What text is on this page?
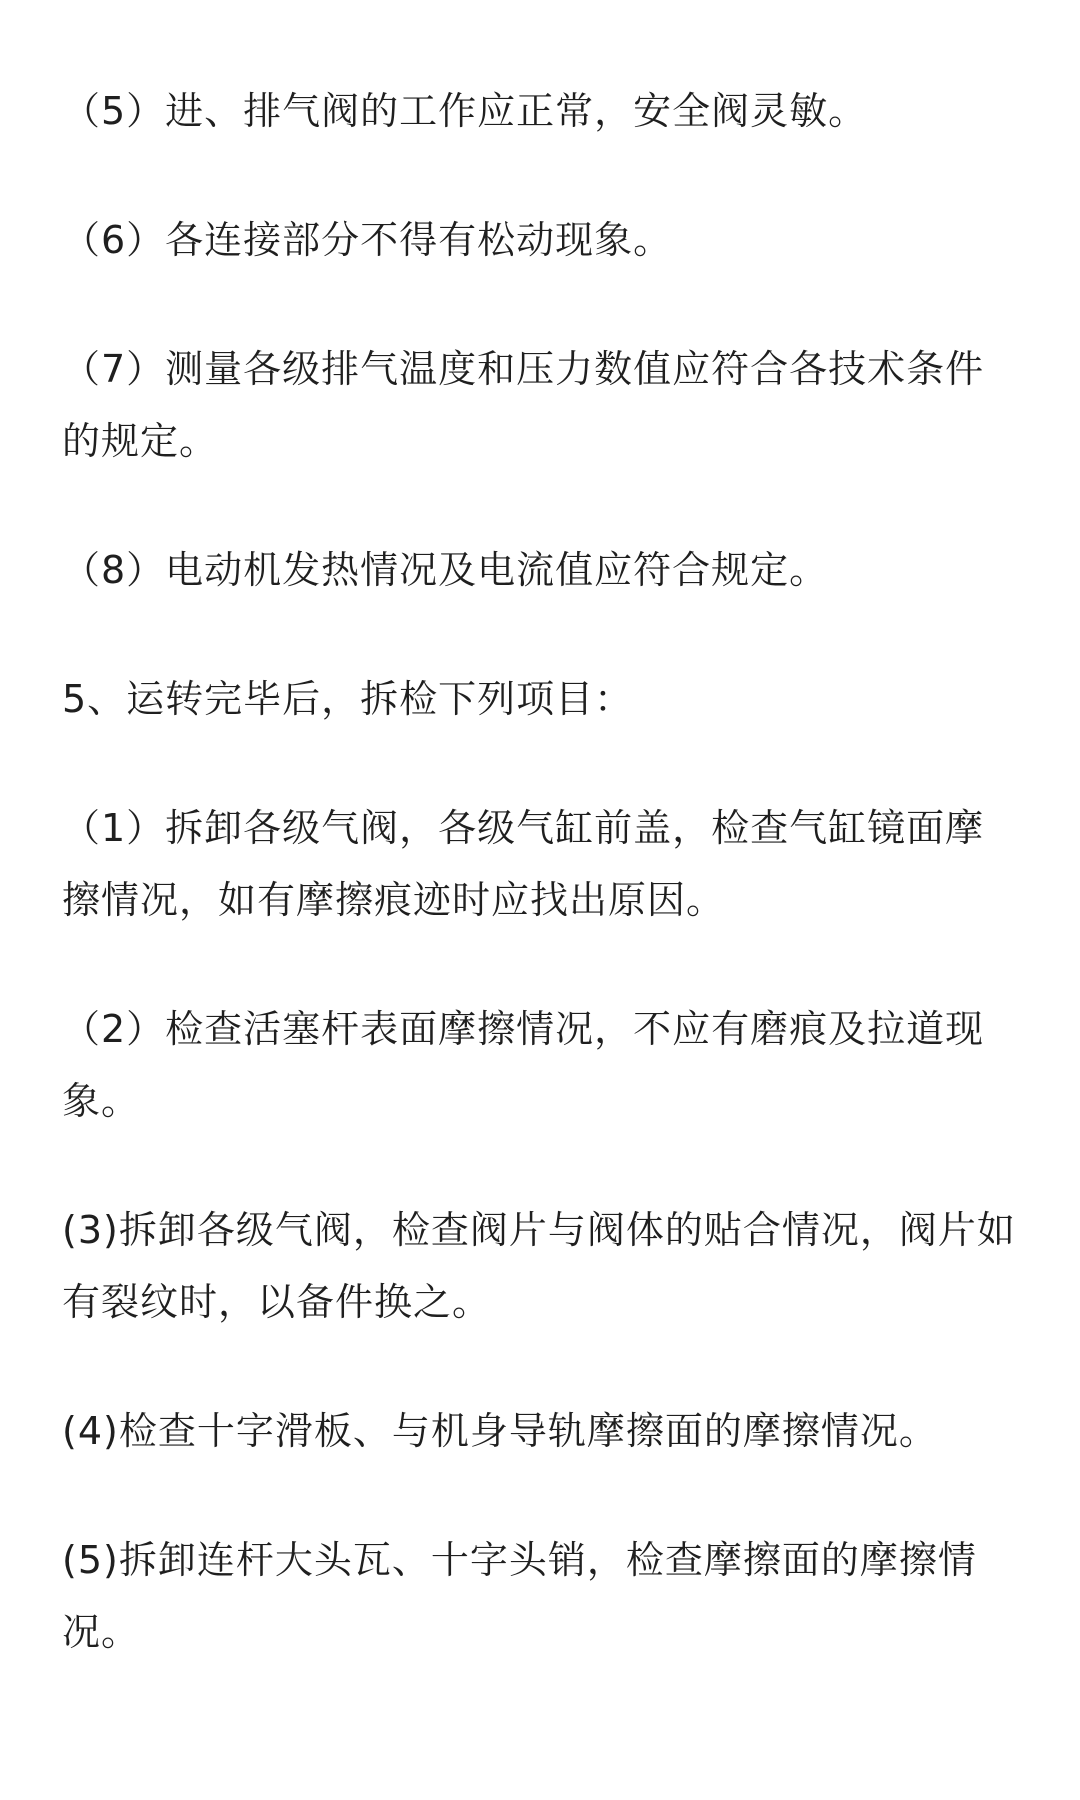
（5）进、排气阀的工作应正常，安全阀灵敏。

（6）各连接部分不得有松动现象。

（7）测量各级排气温度和压力数值应符合各技术条件的规定。

（8）电动机发热情况及电流值应符合规定。

5、运转完毕后，拆检下列项目：

（1）拆卸各级气阀，各级气缸前盖，检查气缸镜面摩擦情况，如有摩擦痕迹时应找出原因。

（2）检查活塞杆表面摩擦情况，不应有磨痕及拉道现象。

(3)拆卸各级气阀，检查阀片与阀体的贴合情况，阀片如有裂纹时，以备件换之。

(4)检查十字滑板、与机身导轨摩擦面的摩擦情况。

(5)拆卸连杆大头瓦、十字头销，检查摩擦面的摩擦情况。
